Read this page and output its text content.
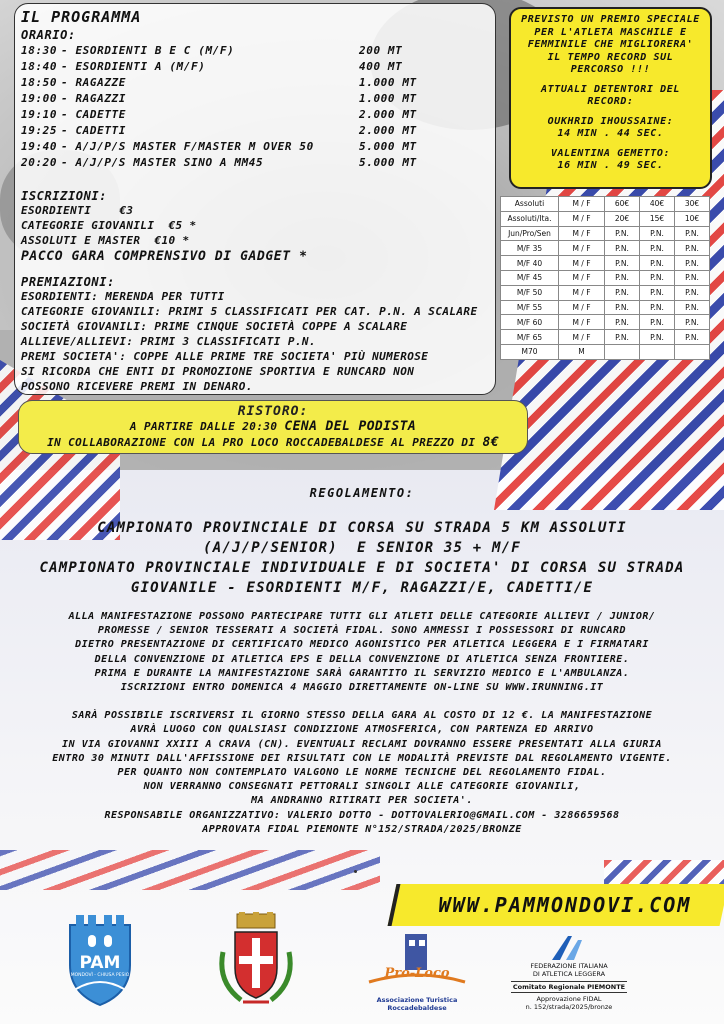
IL PROGRAMMA
ORARIO:
18:30 - ESORDIENTI B E C (M/F)	200 MT
18:40 - ESORDIENTI A (M/F)	400 MT
18:50 - RAGAZZE	1.000 MT
19:00 - RAGAZZI	1.000 MT
19:10 - CADETTE	2.000 MT
19:25 - CADETTI	2.000 MT
19:40 - A/J/P/S MASTER F/MASTER M OVER 50	5.000 MT
20:20 - A/J/P/S MASTER SINO A MM45	5.000 MT
ISCRIZIONI:
ESORDIENTI    €3
CATEGORIE GIOVANILI  €5 *
ASSOLUTI E MASTER  €10 *
PACCO GARA COMPRENSIVO DI GADGET *
PREMIAZIONI:
ESORDIENTI: MERENDA PER TUTTI
CATEGORIE GIOVANILI: PRIMI 5 CLASSIFICATI PER CAT. P.N. A SCALARE
SOCIETÀ GIOVANILI: PRIME CINQUE SOCIETÀ COPPE A SCALARE
ALLIEVE/ALLIEVI: PRIMI 3 CLASSIFICATI P.N.
PREMI SOCIETA': COPPE ALLE PRIME TRE SOCIETA' PIÙ NUMEROSE
SI RICORDA CHE ENTI DI PROMOZIONE SPORTIVA E RUNCARD NON
POSSONO RICEVERE PREMI IN DENARO.
PREVISTO UN PREMIO SPECIALE
PER L'ATLETA MASCHILE E
FEMMINILE CHE MIGLIORERA'
IL TEMPO RECORD SUL
PERCORSO !!!
ATTUALI DETENTORI DEL RECORD:
OUKHRID IHOUSSAINE:
14 MIN . 44 SEC.
VALENTINA GEMETTO:
16 MIN . 49 SEC.
Assoluti	M / F	60€	40€	30€
Assoluti/Ita.	M / F	20€	15€	10€
Jun/Pro/Sen	M / F	P.N.	P.N.	P.N.
M/F 35	M / F	P.N.	P.N.	P.N.
M/F 40	M / F	P.N.	P.N.	P.N.
M/F 45	M / F	P.N.	P.N.	P.N.
M/F 50	M / F	P.N.	P.N.	P.N.
M/F 55	M / F	P.N.	P.N.	P.N.
M/F 60	M / F	P.N.	P.N.	P.N.
M/F 65	M / F	P.N.	P.N.	P.N.
M70	M			
RISTORO:
A PARTIRE DALLE 20:30 CENA DEL PODISTA
IN COLLABORAZIONE CON LA PRO LOCO ROCCADEBALDESE AL PREZZO DI 8€
REGOLAMENTO:
CAMPIONATO PROVINCIALE DI CORSA SU STRADA 5 KM ASSOLUTI
(A/J/P/SENIOR)  E SENIOR 35 + M/F
CAMPIONATO PROVINCIALE INDIVIDUALE E DI SOCIETA' DI CORSA SU STRADA
GIOVANILE - ESORDIENTI M/F, RAGAZZI/E, CADETTI/E
ALLA MANIFESTAZIONE POSSONO PARTECIPARE TUTTI GLI ATLETI DELLE CATEGORIE ALLIEVI / JUNIOR/
PROMESSE / SENIOR TESSERATI A SOCIETÀ FIDAL. SONO AMMESSI I POSSESSORI DI RUNCARD
DIETRO PRESENTAZIONE DI CERTIFICATO MEDICO AGONISTICO PER ATLETICA LEGGERA E I FIRMATARI
DELLA CONVENZIONE DI ATLETICA EPS E DELLA CONVENZIONE DI ATLETICA SENZA FRONTIERE.
PRIMA E DURANTE LA MANIFESTAZIONE SARÀ GARANTITO IL SERVIZIO MEDICO E L'AMBULANZA.
ISCRIZIONI ENTRO DOMENICA 4 MAGGIO DIRETTAMENTE ON-LINE SU WWW.IRUNNING.IT
SARÀ POSSIBILE ISCRIVERSI IL GIORNO STESSO DELLA GARA AL COSTO DI 12 €. LA MANIFESTAZIONE
AVRÀ LUOGO CON QUALSIASI CONDIZIONE ATMOSFERICA, CON PARTENZA ED ARRIVO
IN VIA GIOVANNI XXIII A CRAVA (CN). EVENTUALI RECLAMI DOVRANNO ESSERE PRESENTATI ALLA GIURIA
ENTRO 30 MINUTI DALL'AFFISSIONE DEI RISULTATI CON LE MODALITÀ PREVISTE DAL REGOLAMENTO VIGENTE.
PER QUANTO NON CONTEMPLATO VALGONO LE NORME TECNICHE DEL REGOLAMENTO FIDAL.
NON VERRANNO CONSEGNATI PETTORALI SINGOLI ALLE CATEGORIE GIOVANILI,
MA ANDRANNO RITIRATI PER SOCIETA'.
RESPONSABILE ORGANIZZATIVO: VALERIO DOTTO - DOTTOVALERIO@GMAIL.COM - 3286659568
APPROVATA FIDAL PIEMONTE N°152/STRADA/2025/BRONZE
WWW.PAMMONDOVI.COM
PAM
MONDOVÌ - CHIUSA PESIO	Pro-Loco
Associazione Turistica
Roccadebaldese
FEDERAZIONE ITALIANA
DI ATLETICA LEGGERA
Comitato Regionale PIEMONTE
Approvazione FIDAL
n. 152/strada/2025/bronze
